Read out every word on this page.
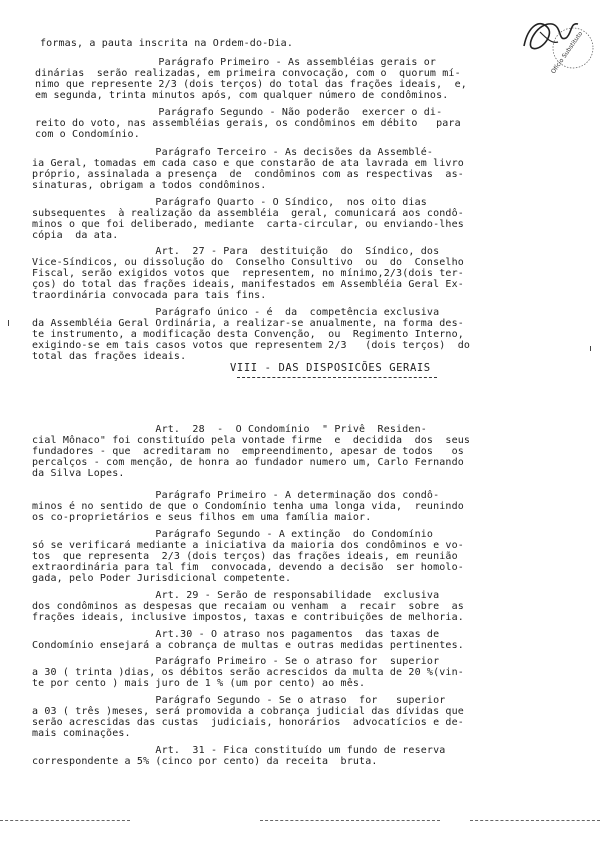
Ofício Substituto
formas, a pauta inscrita na Ordem-do-Dia.
Parágrafo Primeiro - As assembléias gerais or
dinárias  serão realizadas, em primeira convocação, com o  quorum mí-
nimo que represente 2/3 (dois terços) do total das frações ideais,  e,
em segunda, trinta minutos após, com qualquer número de condôminos.
Parágrafo Segundo - Não poderão  exercer o di-
reito do voto, nas assembléias gerais, os condôminos em débito   para
com o Condomínio.
Parágrafo Terceiro - As decisões da Assemblé-
ia Geral, tomadas em cada caso e que constarão de ata lavrada em livro
próprio, assinalada a presença  de  condôminos com as respectivas  as-
sinaturas, obrigam a todos condôminos.
Parágrafo Quarto - O Síndico,  nos oito dias
subsequentes  à realização da assembléia  geral, comunicará aos condô-
minos o que foi deliberado, mediante  carta-circular, ou enviando-lhes
cópia  da ata.
Art.  27 - Para  destituição  do  Síndico, dos
Vice-Síndicos, ou dissolução do  Conselho Consultivo  ou  do  Conselho
Fiscal, serão exigidos votos que  representem, no mínimo,2/3(dois ter-
ços) do total das frações ideais, manifestados em Assembléia Geral Ex-
traordinária convocada para tais fins.
Parágrafo único - é  da  competência exclusiva
da Assembléia Geral Ordinária, a realizar-se anualmente, na forma des-
te instrumento, a modificação desta Convenção,  ou  Regimento Interno,
exigindo-se em tais casos votos que representem 2/3   (dois terços)  do
total das frações ideais.
VIII - DAS DISPOSICÕES GERAIS
Art.  28  -  O Condomínio  " Privê  Residen-
cial Mônaco" foi constituído pela vontade firme  e  decidida  dos  seus
fundadores - que  acreditaram no  empreendimento, apesar de todos   os
percalços - com menção, de honra ao fundador numero um, Carlo Fernando
da Silva Lopes.
Parágrafo Primeiro - A determinação dos condô-
minos é no sentido de que o Condomínio tenha uma longa vida,  reunindo
os co-proprietários e seus filhos em uma família maior.
Parágrafo Segundo - A extinção  do Condomínio
só se verificará mediante a iniciativa da maioria dos condôminos e vo-
tos  que representa  2/3 (dois terços) das frações ideais, em reunião
extraordinária para tal fim  convocada, devendo a decisão  ser homolo-
gada, pelo Poder Jurisdicional competente.
Art. 29 - Serão de responsabilidade  exclusiva
dos condôminos as despesas que recaiam ou venham  a  recair  sobre  as
frações ideais, inclusive impostos, taxas e contribuições de melhoria.
Art.30 - O atraso nos pagamentos  das taxas de
Condomínio ensejará a cobrança de multas e outras medidas pertinentes.
Parágrafo Primeiro - Se o atraso for  superior
a 30 ( trinta )dias, os débitos serão acrescidos da multa de 20 %(vin-
te por cento ) mais juro de 1 % (um por cento) ao mês.
Parágrafo Segundo - Se o atraso  for   superior
a 03 ( três )meses, será promovida a cobrança judicial das dívidas que
serão acrescidas das custas  judiciais, honorários  advocatícios e de-
mais cominações.
Art.  31 - Fica constituído um fundo de reserva
correspondente a 5% (cinco por cento) da receita  bruta.
